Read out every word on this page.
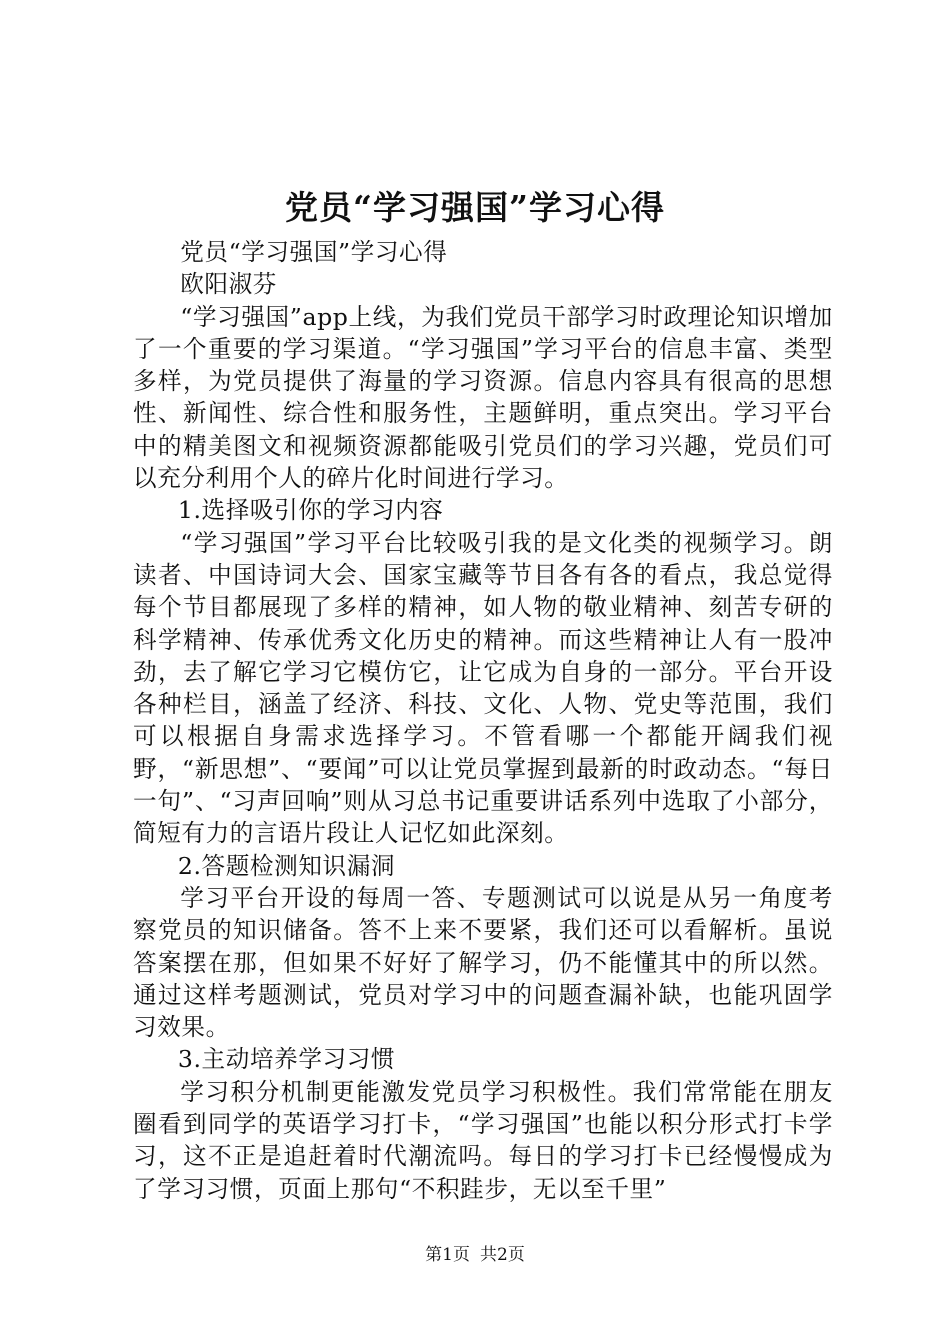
党员“学习强国”学习心得

党员“学习强国”学习心得

欧阳淑芬

“学习强国”app上线，为我们党员干部学习时政理论知识增加了一个重要的学习渠道。“学习强国”学习平台的信息丰富、类型多样，为党员提供了海量的学习资源。信息内容具有很高的思想性、新闻性、综合性和服务性，主题鲜明，重点突出。学习平台中的精美图文和视频资源都能吸引党员们的学习兴趣，党员们可以充分利用个人的碎片化时间进行学习。

1.选择吸引你的学习内容

“学习强国”学习平台比较吸引我的是文化类的视频学习。朗读者、中国诗词大会、国家宝藏等节目各有各的看点，我总觉得每个节目都展现了多样的精神，如人物的敬业精神、刻苦专研的科学精神、传承优秀文化历史的精神。而这些精神让人有一股冲劲，去了解它学习它模仿它，让它成为自身的一部分。平台开设各种栏目，涵盖了经济、科技、文化、人物、党史等范围，我们可以根据自身需求选择学习。不管看哪一个都能开阔我们视野，“新思想”、“要闻”可以让党员掌握到最新的时政动态。“每日一句”、“习声回响”则从习总书记重要讲话系列中选取了小部分，简短有力的言语片段让人记忆如此深刻。

2.答题检测知识漏洞

学习平台开设的每周一答、专题测试可以说是从另一角度考察党员的知识储备。答不上来不要紧，我们还可以看解析。虽说答案摆在那，但如果不好好了解学习，仍不能懂其中的所以然。通过这样考题测试，党员对学习中的问题查漏补缺，也能巩固学习效果。

3.主动培养学习习惯

学习积分机制更能激发党员学习积极性。我们常常能在朋友圈看到同学的英语学习打卡，“学习强国”也能以积分形式打卡学习，这不正是追赶着时代潮流吗。每日的学习打卡已经慢慢成为了学习习惯，页面上那句“不积跬步，无以至千里”

第1页 共2页
